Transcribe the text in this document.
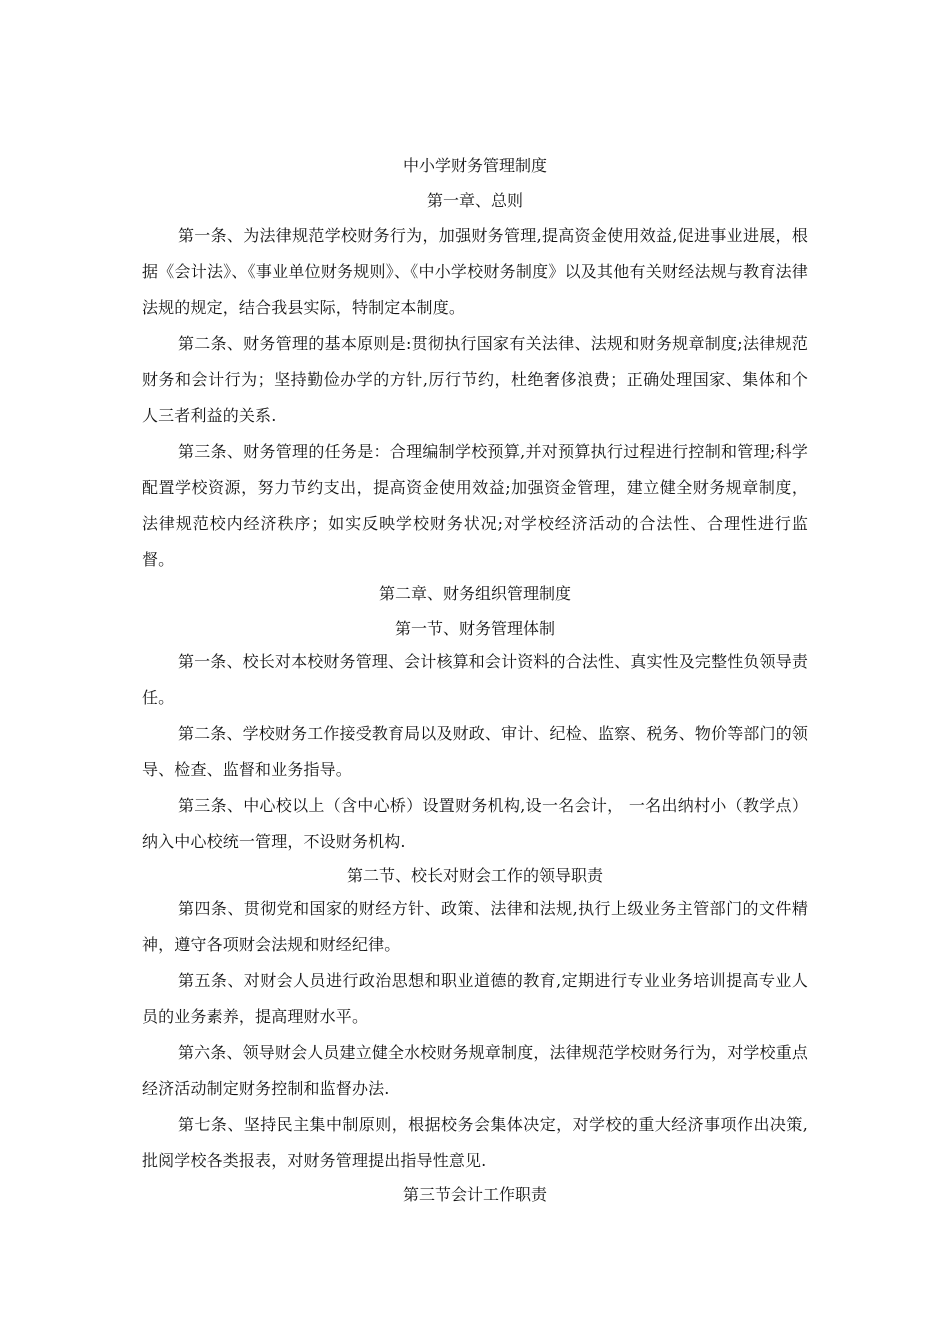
中小学财务管理制度
第一章、总则

第一条、为法律规范学校财务行为，加强财务管理,提高资金使用效益,促进事业进展，根据《会计法》、《事业单位财务规则》、《中小学校财务制度》以及其他有关财经法规与教育法律法规的规定，结合我县实际，特制定本制度。

第二条、财务管理的基本原则是:贯彻执行国家有关法律、法规和财务规章制度;法律规范财务和会计行为；坚持勤俭办学的方针,厉行节约，杜绝奢侈浪费；正确处理国家、集体和个人三者利益的关系.

第三条、财务管理的任务是：合理编制学校预算,并对预算执行过程进行控制和管理;科学配置学校资源，努力节约支出，提高资金使用效益;加强资金管理，建立健全财务规章制度，法律规范校内经济秩序；如实反映学校财务状况;对学校经济活动的合法性、合理性进行监督。

第二章、财务组织管理制度
第一节、财务管理体制

第一条、校长对本校财务管理、会计核算和会计资料的合法性、真实性及完整性负领导责任。

第二条、学校财务工作接受教育局以及财政、审计、纪检、监察、税务、物价等部门的领导、检查、监督和业务指导。

第三条、中心校以上（含中心桥）设置财务机构,设一名会计， 一名出纳村小（教学点）纳入中心校统一管理，不设财务机构.

第二节、校长对财会工作的领导职责

第四条、贯彻党和国家的财经方针、政策、法律和法规,执行上级业务主管部门的文件精神，遵守各项财会法规和财经纪律。

第五条、对财会人员进行政治思想和职业道德的教育,定期进行专业业务培训提高专业人员的业务素养，提高理财水平。

第六条、领导财会人员建立健全水校财务规章制度，法律规范学校财务行为，对学校重点经济活动制定财务控制和监督办法.

第七条、坚持民主集中制原则，根据校务会集体决定，对学校的重大经济事项作出决策,批阅学校各类报表，对财务管理提出指导性意见.

第三节会计工作职责
